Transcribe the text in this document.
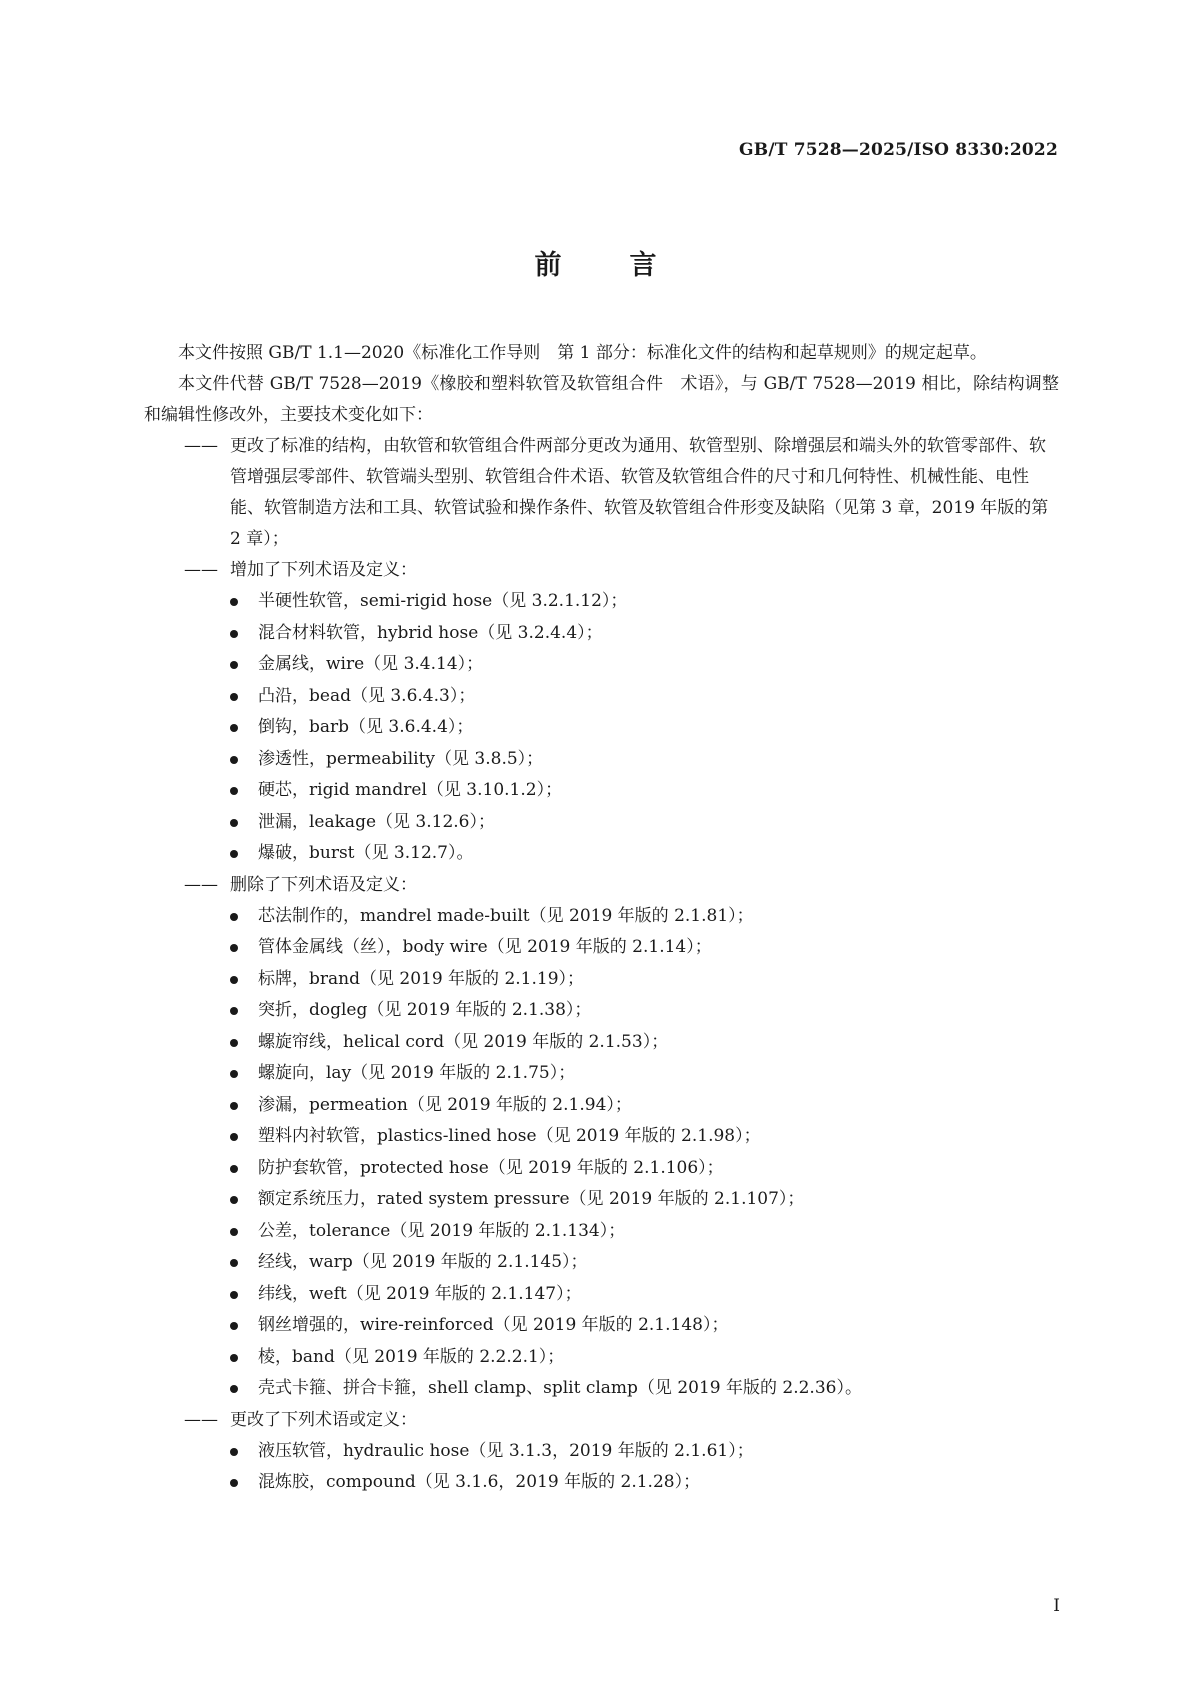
GB/T 7528—2025/ISO 8330:2022
前言

本文件按照 GB/T 1.1—2020《标准化工作导则　第 1 部分：标准化文件的结构和起草规则》的规定起草。

本文件代替 GB/T 7528—2019《橡胶和塑料软管及软管组合件　术语》，与 GB/T 7528—2019 相比，除结构调整和编辑性修改外，主要技术变化如下：

—— 更改了标准的结构，由软管和软管组合件两部分更改为通用、软管型别、除增强层和端头外的软管零部件、软管增强层零部件、软管端头型别、软管组合件术语、软管及软管组合件的尺寸和几何特性、机械性能、电性能、软管制造方法和工具、软管试验和操作条件、软管及软管组合件形变及缺陷（见第 3 章，2019 年版的第 2 章）；

—— 增加了下列术语及定义：

半硬性软管，semi-rigid hose（见 3.2.1.12）；
混合材料软管，hybrid hose（见 3.2.4.4）；
金属线，wire（见 3.4.14）；
凸沿，bead（见 3.6.4.3）；
倒钩，barb（见 3.6.4.4）；
渗透性，permeability（见 3.8.5）；
硬芯，rigid mandrel（见 3.10.1.2）；
泄漏，leakage（见 3.12.6）；
爆破，burst（见 3.12.7）。

—— 删除了下列术语及定义：

芯法制作的，mandrel made-built（见 2019 年版的 2.1.81）；
管体金属线（丝），body wire（见 2019 年版的 2.1.14）；
标牌，brand（见 2019 年版的 2.1.19）；
突折，dogleg（见 2019 年版的 2.1.38）；
螺旋帘线，helical cord（见 2019 年版的 2.1.53）；
螺旋向，lay（见 2019 年版的 2.1.75）；
渗漏，permeation（见 2019 年版的 2.1.94）；
塑料内衬软管，plastics-lined hose（见 2019 年版的 2.1.98）；
防护套软管，protected hose（见 2019 年版的 2.1.106）；
额定系统压力，rated system pressure（见 2019 年版的 2.1.107）；
公差，tolerance（见 2019 年版的 2.1.134）；
经线，warp（见 2019 年版的 2.1.145）；
纬线，weft（见 2019 年版的 2.1.147）；
钢丝增强的，wire-reinforced（见 2019 年版的 2.1.148）；
棱，band（见 2019 年版的 2.2.2.1）；
壳式卡箍、拼合卡箍，shell clamp、split clamp（见 2019 年版的 2.2.36）。

—— 更改了下列术语或定义：

液压软管，hydraulic hose（见 3.1.3，2019 年版的 2.1.61）；
混炼胶，compound（见 3.1.6，2019 年版的 2.1.28）；
I
